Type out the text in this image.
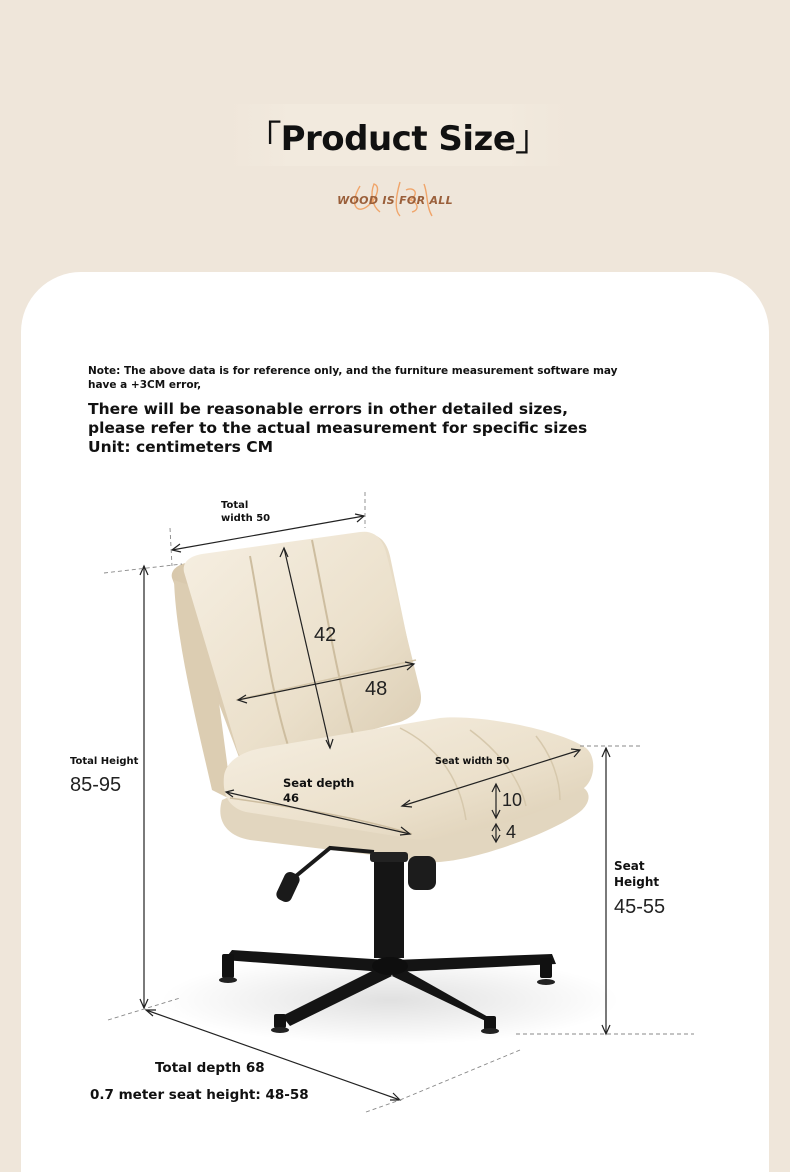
「Product Size」
WOOD IS FOR ALL
Note: The above data is for reference only, and the furniture measurement software may have a +3CM error,
There will be reasonable errors in other detailed sizes, please refer to the actual measurement for specific sizes Unit: centimeters CM
Total
width 50
42
48
Total Height
85-95	Seat depth
46
Seat width 50
10
4
Seat
Height
45-55
Total depth 68
0.7 meter seat height: 48-58
